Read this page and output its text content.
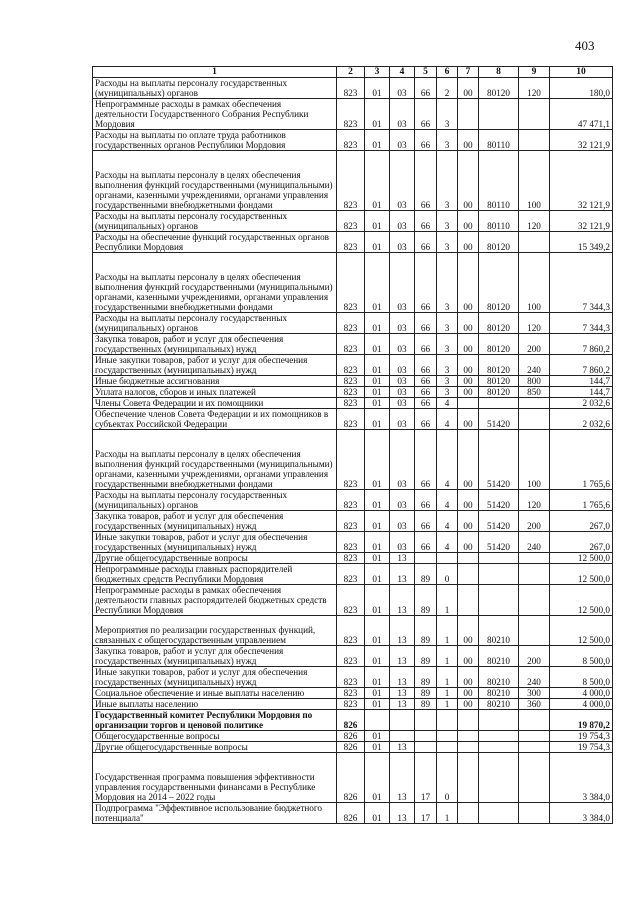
403
1	2	3	4	5	6	7	8	9	10
Расходы на выплаты персоналу государственных (муниципальных) органов	823	01	03	66	2	00	80120	120	180,0
Непрограммные расходы в рамках обеспечения деятельности Государственного Собрания Республики Мордовия	823	01	03	66	3				47 471,1
Расходы на выплаты по оплате труда работников государственных органов Республики Мордовия	823	01	03	66	3	00	80110		32 121,9
Расходы на выплаты персоналу в целях обеспечения выполнения функций государственными (муниципальными) органами, казенными учреждениями, органами управления государственными внебюджетными фондами	823	01	03	66	3	00	80110	100	32 121,9
Расходы на выплаты персоналу государственных (муниципальных) органов	823	01	03	66	3	00	80110	120	32 121,9
Расходы на обеспечение функций государственных органов Республики Мордовия	823	01	03	66	3	00	80120		15 349,2
Расходы на выплаты персоналу в целях обеспечения выполнения функций государственными (муниципальными) органами, казенными учреждениями, органами управления государственными внебюджетными фондами	823	01	03	66	3	00	80120	100	7 344,3
Расходы на выплаты персоналу государственных (муниципальных) органов	823	01	03	66	3	00	80120	120	7 344,3
Закупка товаров, работ и услуг для обеспечения государственных (муниципальных) нужд	823	01	03	66	3	00	80120	200	7 860,2
Иные закупки товаров, работ и услуг для обеспечения государственных (муниципальных) нужд	823	01	03	66	3	00	80120	240	7 860,2
Иные бюджетные ассигнования	823	01	03	66	3	00	80120	800	144,7
Уплата налогов, сборов и иных платежей	823	01	03	66	3	00	80120	850	144,7
Члены Совета Федерации и их помощники	823	01	03	66	4				2 032,6
Обеспечение членов Совета Федерации и их помощников в субъектах Российской Федерации	823	01	03	66	4	00	51420		2 032,6
Расходы на выплаты персоналу в целях обеспечения выполнения функций государственными (муниципальными) органами, казенными учреждениями, органами управления государственными внебюджетными фондами	823	01	03	66	4	00	51420	100	1 765,6
Расходы на выплаты персоналу государственных (муниципальных) органов	823	01	03	66	4	00	51420	120	1 765,6
Закупка товаров, работ и услуг для обеспечения государственных (муниципальных) нужд	823	01	03	66	4	00	51420	200	267,0
Иные закупки товаров, работ и услуг для обеспечения государственных (муниципальных) нужд	823	01	03	66	4	00	51420	240	267,0
Другие общегосударственные вопросы	823	01	13						12 500,0
Непрограммные расходы главных распорядителей бюджетных средств Республики Мордовия	823	01	13	89	0				12 500,0
Непрограммные расходы в рамках обеспечения деятельности главных распорядителей бюджетных средств Республики Мордовия	823	01	13	89	1				12 500,0
Мероприятия по реализации государственных функций, связанных с общегосударственным управлением	823	01	13	89	1	00	80210		12 500,0
Закупка товаров, работ и услуг для обеспечения государственных (муниципальных) нужд	823	01	13	89	1	00	80210	200	8 500,0
Иные закупки товаров, работ и услуг для обеспечения государственных (муниципальных) нужд	823	01	13	89	1	00	80210	240	8 500,0
Социальное обеспечение и иные выплаты населению	823	01	13	89	1	00	80210	300	4 000,0
Иные выплаты населению	823	01	13	89	1	00	80210	360	4 000,0
Государственный комитет Республики Мордовия по организации торгов и ценовой политике	826								19 870,2
Общегосударственные вопросы	826	01							19 754,3
Другие общегосударственные вопросы	826	01	13						19 754,3
Государственная программа повышения эффективности управления государственными финансами в Республике Мордовия на 2014 – 2022 годы	826	01	13	17	0				3 384,0
Подпрограмма "Эффективное использование бюджетного потенциала"	826	01	13	17	1				3 384,0
